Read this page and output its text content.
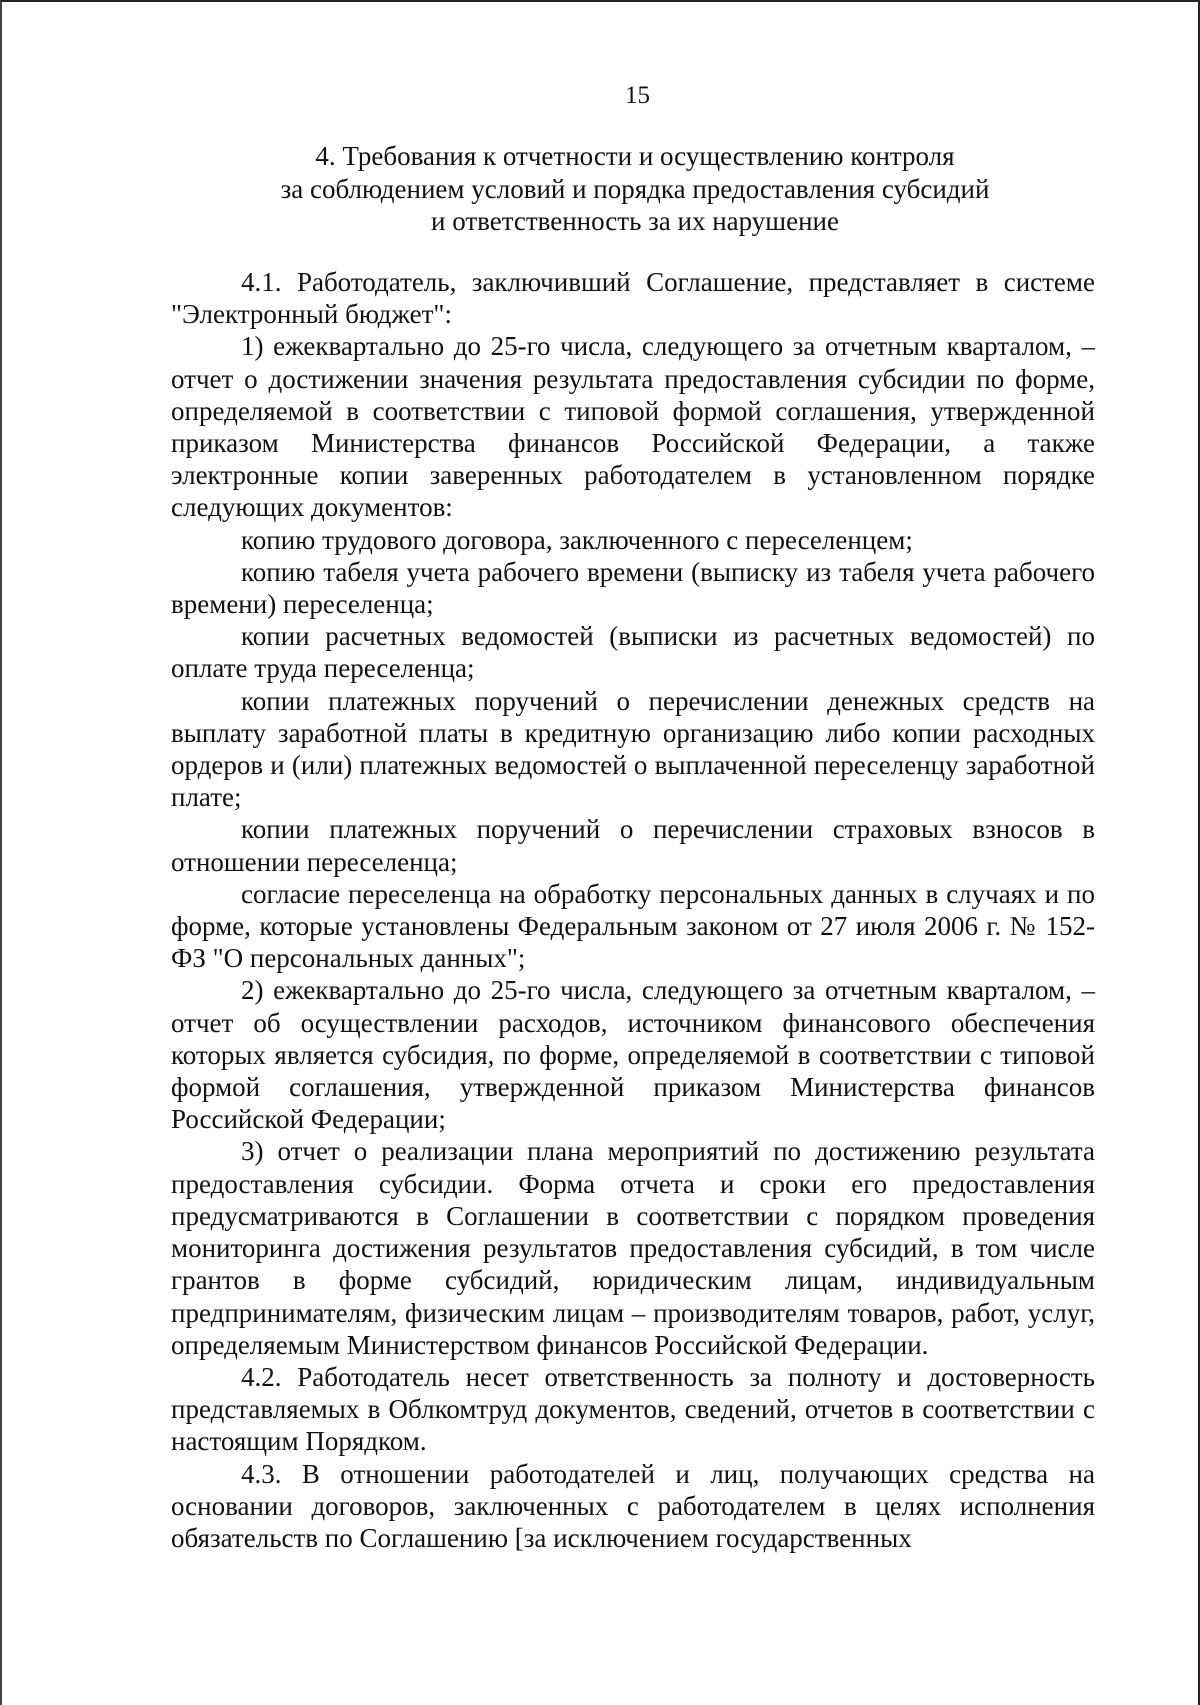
15
4. Требования к отчетности и осуществлению контроля
за соблюдением условий и порядка предоставления субсидий
и ответственность за их нарушение

4.1. Работодатель, заключивший Соглашение, представляет в системе "Электронный бюджет":

1) ежеквартально до 25-го числа, следующего за отчетным кварталом, – отчет о достижении значения результата предоставления субсидии по форме, определяемой в соответствии с типовой формой соглашения, утвержденной приказом Министерства финансов Российской Федерации, а также электронные копии заверенных работодателем в установленном порядке следующих документов:

копию трудового договора, заключенного с переселенцем;

копию табеля учета рабочего времени (выписку из табеля учета рабочего времени) переселенца;

копии расчетных ведомостей (выписки из расчетных ведомостей) по оплате труда переселенца;

копии платежных поручений о перечислении денежных средств на выплату заработной платы в кредитную организацию либо копии расходных ордеров и (или) платежных ведомостей о выплаченной переселенцу заработной плате;

копии платежных поручений о перечислении страховых взносов в отношении переселенца;

согласие переселенца на обработку персональных данных в случаях и по форме, которые установлены Федеральным законом от 27 июля 2006 г. № 152-ФЗ "О персональных данных";

2) ежеквартально до 25-го числа, следующего за отчетным кварталом, – отчет об осуществлении расходов, источником финансового обеспечения которых является субсидия, по форме, определяемой в соответствии с типовой формой соглашения, утвержденной приказом Министерства финансов Российской Федерации;

3) отчет о реализации плана мероприятий по достижению результата предоставления субсидии. Форма отчета и сроки его предоставления предусматриваются в Соглашении в соответствии с порядком проведения мониторинга достижения результатов предоставления субсидий, в том числе грантов в форме субсидий, юридическим лицам, индивидуальным предпринимателям, физическим лицам – производителям товаров, работ, услуг, определяемым Министерством финансов Российской Федерации.

4.2. Работодатель несет ответственность за полноту и достоверность представляемых в Облкомтруд документов, сведений, отчетов в соответствии с настоящим Порядком.

4.3. В отношении работодателей и лиц, получающих средства на основании договоров, заключенных с работодателем в целях исполнения обязательств по Соглашению [за исключением государственных
